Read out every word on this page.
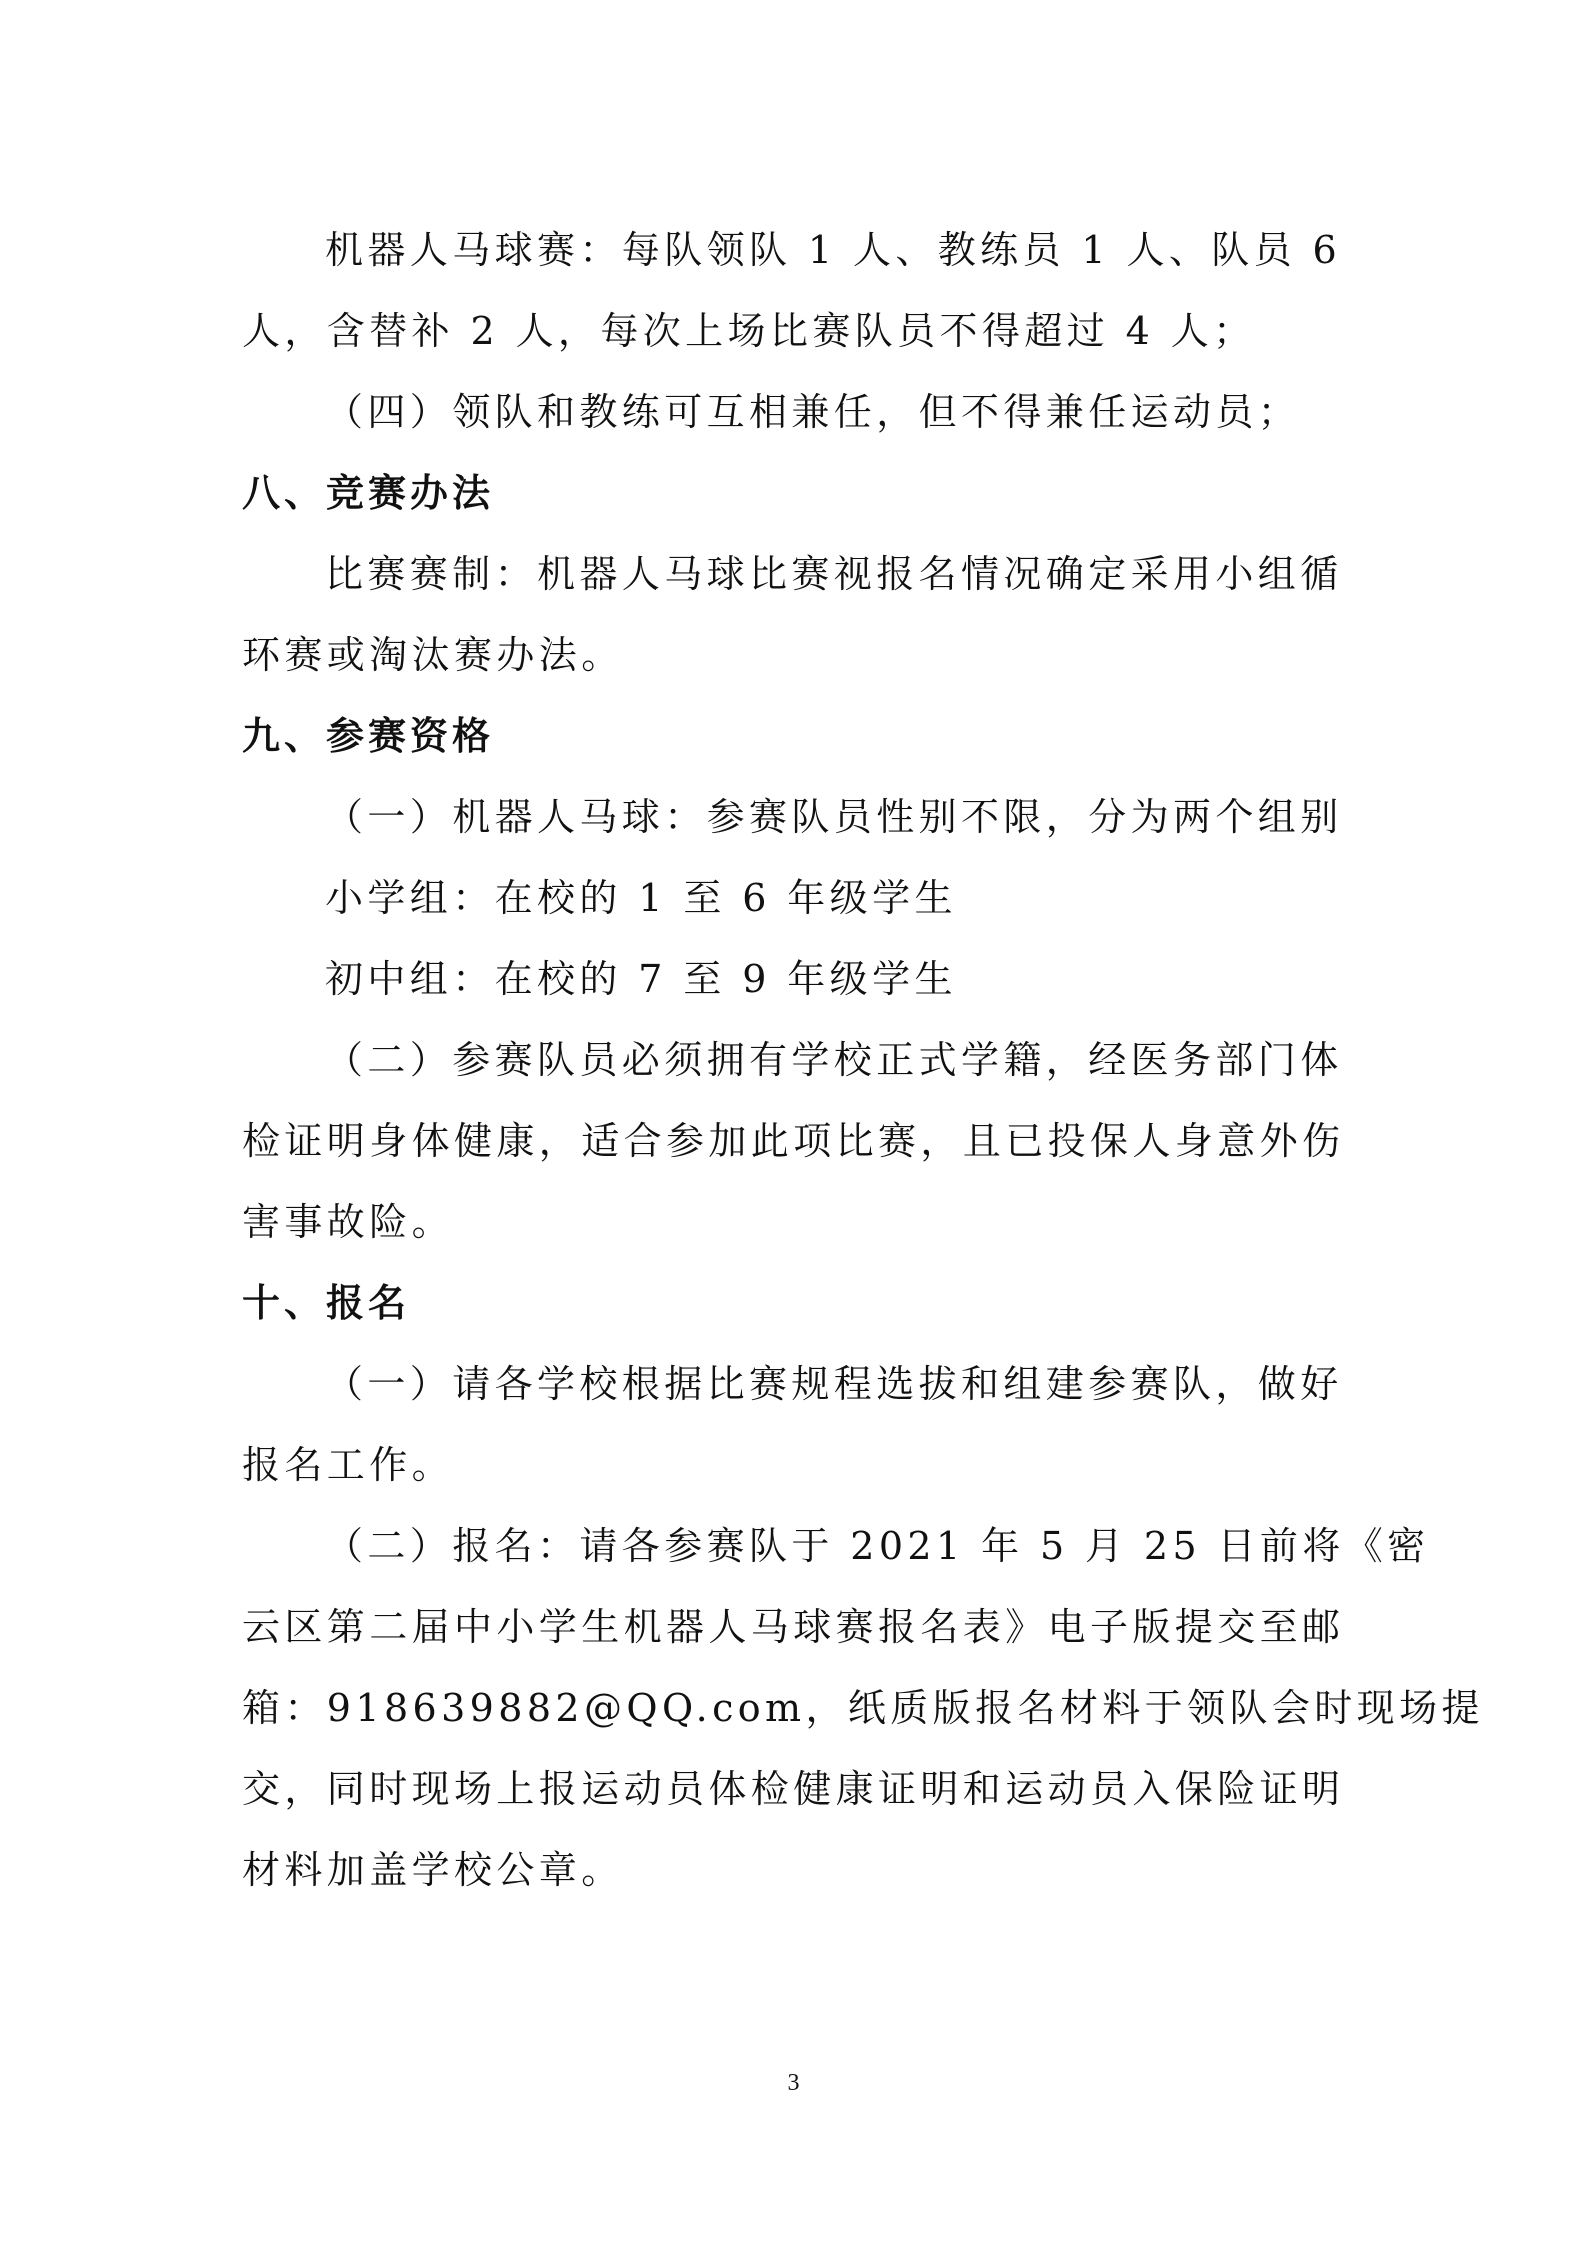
机器人马球赛：每队领队 1 人、教练员 1 人、队员 6
人，含替补 2 人，每次上场比赛队员不得超过 4 人；
（四）领队和教练可互相兼任，但不得兼任运动员；
八、竞赛办法
比赛赛制：机器人马球比赛视报名情况确定采用小组循
环赛或淘汰赛办法。
九、参赛资格
（一）机器人马球：参赛队员性别不限，分为两个组别
小学组：在校的 1 至 6 年级学生
初中组：在校的 7 至 9 年级学生
（二）参赛队员必须拥有学校正式学籍，经医务部门体
检证明身体健康，适合参加此项比赛，且已投保人身意外伤
害事故险。
十、报名
（一）请各学校根据比赛规程选拔和组建参赛队，做好
报名工作。
（二）报名：请各参赛队于 2021 年 5 月 25 日前将《密
云区第二届中小学生机器人马球赛报名表》电子版提交至邮
箱：918639882@QQ.com，纸质版报名材料于领队会时现场提
交，同时现场上报运动员体检健康证明和运动员入保险证明
材料加盖学校公章。
3
